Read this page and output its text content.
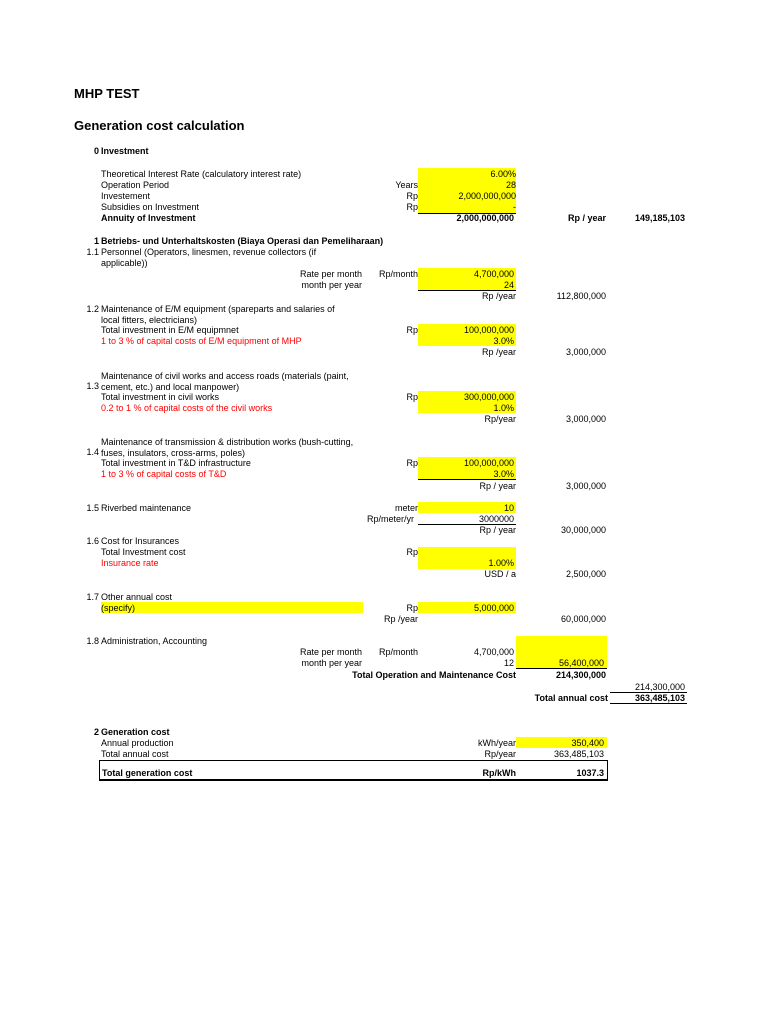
MHP TEST
Generation cost calculation
0 Investment
Theoretical Interest Rate (calculatory interest rate)	6.00%
Operation Period	Years	28
Investement	Rp	2,000,000,000
Subsidies on Investment	Rp	-
Annuity of Investment	2,000,000,000	Rp / year	149,185,103
1 Betriebs- und Unterhaltskosten (Biaya Operasi dan Pemeliharaan)
1.1 Personnel (Operators, linesmen, revenue collectors (if applicable))
Rate per month	Rp/month	4,700,000
month per year	24
Rp /year	112,800,000
1.2 Maintenance of E/M equipment (spareparts and salaries of local fitters, electricians)
Total investment in E/M equipmnet	Rp	100,000,000
1 to 3 % of capital costs of E/M equipment of MHP	3.0%
Rp /year	3,000,000
Maintenance of civil works and access roads (materials (paint, cement, etc.) and local manpower)
1.3
Total investment in civil works	Rp	300,000,000
0.2 to 1 % of capital costs of the civil works	1.0%
Rp/year	3,000,000
Maintenance of transmission & distribution works (bush-cutting, fuses, insulators, cross-arms, poles)
1.4
Total investment in T&D infrastructure	Rp	100,000,000
1 to 3 % of capital costs of T&D	3.0%
Rp / year	3,000,000
1.5 Riverbed maintenance	meter	10
Rp/meter/yr	3000000
Rp / year	30,000,000
1.6 Cost for Insurances
Total Investment cost	Rp
Insurance rate	1.00%
USD / a	2,500,000
1.7 Other annual cost
(specify)	Rp	5,000,000
Rp /year	60,000,000
1.8 Administration, Accounting
Rate per month	Rp/month	4,700,000
month per year	12	56,400,000
Total Operation and Maintenance Cost	214,300,000
214,300,000
Total annual cost	363,485,103
2 Generation cost
Annual production	kWh/year	350,400
Total annual cost	Rp/year	363,485,103
Total generation cost	Rp/kWh	1037.3
